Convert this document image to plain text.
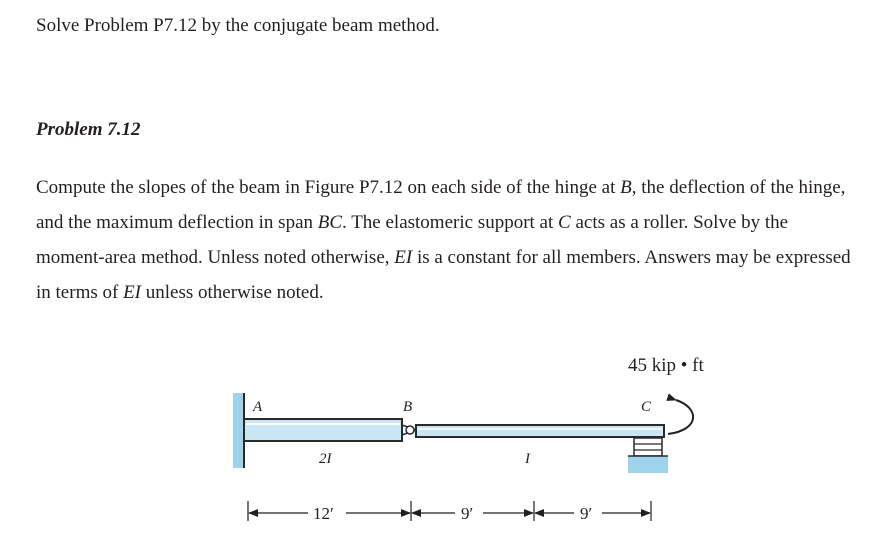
Solve Problem P7.12 by the conjugate beam method.

Problem 7.12

Compute the slopes of the beam in Figure P7.12 on each side of the hinge at B, the deflection of the hinge, and the maximum deflection in span BC. The elastomeric support at C acts as a roller. Solve by the moment-area method. Unless noted otherwise, EI is a constant for all members. Answers may be expressed in terms of EI unless otherwise noted.

45 kip • ft
A	B	C
2I	I
12′	9′	9′
